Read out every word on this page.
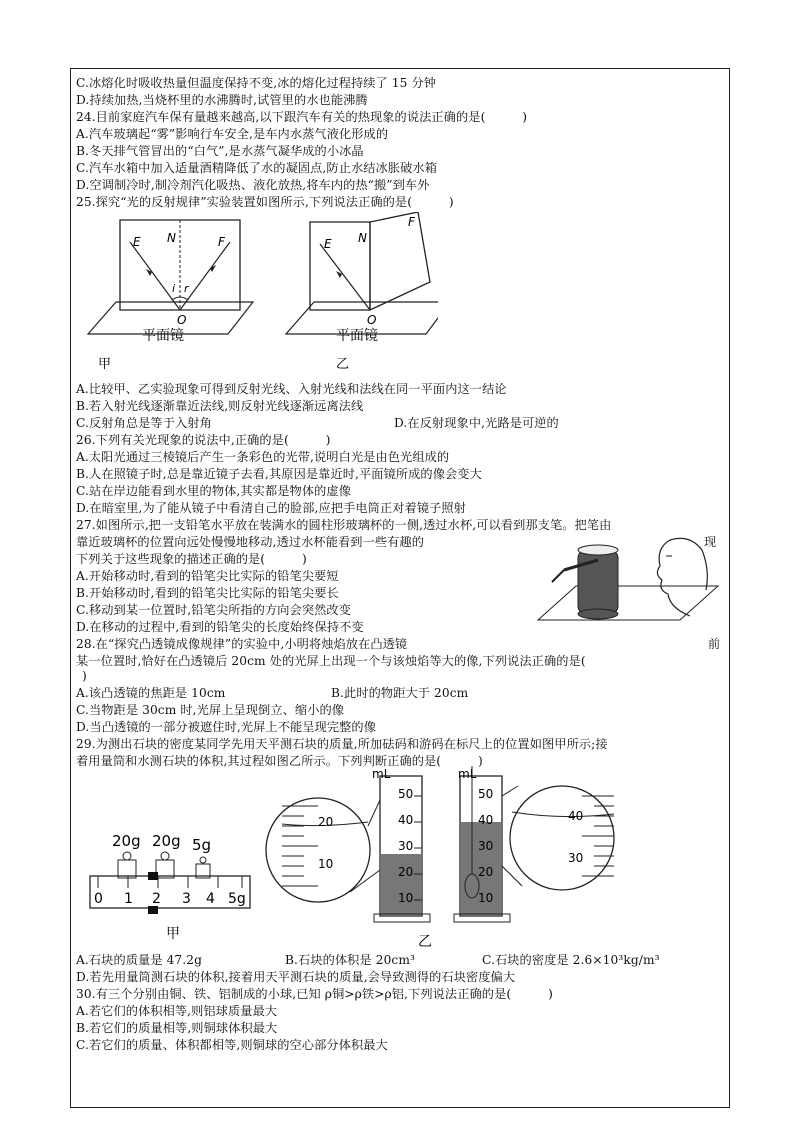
C.冰熔化时吸收热量但温度保持不变,冰的熔化过程持续了 15 分钟
D.持续加热,当烧杯里的水沸腾时,试管里的水也能沸腾
24.目前家庭汽车保有量越来越高,以下跟汽车有关的热现象的说法正确的是(　　　)
A.汽车玻璃起“雾”影响行车安全,是车内水蒸气液化形成的
B.冬天排气管冒出的“白气”,是水蒸气凝华成的小冰晶
C.汽车水箱中加入适量酒精降低了水的凝固点,防止水结冰胀破水箱
D.空调制冷时,制冷剂汽化吸热、液化放热,将车内的热“搬”到车外
25.探究“光的反射规律”实验装置如图所示,下列说法正确的是(　　　)
E N	F
i r
O
平面镜
甲
E N
F
O
平面镜
乙
A.比较甲、乙实验现象可得到反射光线、入射光线和法线在同一平面内这一结论
B.若入射光线逐渐靠近法线,则反射光线逐渐远离法线
C.反射角总是等于入射角	D.在反射现象中,光路是可逆的
26.下列有关光现象的说法中,正确的是(　　　)
A.太阳光通过三棱镜后产生一条彩色的光带,说明白光是由色光组成的
B.人在照镜子时,总是靠近镜子去看,其原因是靠近时,平面镜所成的像会变大
C.站在岸边能看到水里的物体,其实都是物体的虚像
D.在暗室里,为了能从镜子中看清自己的脸部,应把手电筒正对着镜子照射
27.如图所示,把一支铅笔水平放在装满水的圆柱形玻璃杯的一侧,透过水杯,可以看到那支笔。把笔由
靠近玻璃杯的位置向远处慢慢地移动,透过水杯能看到一些有趣的	现
下列关于这些现象的描述正确的是(　　　)
A.开始移动时,看到的铅笔尖比实际的铅笔尖要短
B.开始移动时,看到的铅笔尖比实际的铅笔尖要长
C.移动到某一位置时,铅笔尖所指的方向会突然改变
D.在移动的过程中,看到的铅笔尖的长度始终保持不变
28.在“探究凸透镜成像规律”的实验中,小明将烛焰放在凸透镜	前
某一位置时,恰好在凸透镜后 20cm 处的光屏上出现一个与该烛焰等大的像,下列说法正确的是(
)
A.该凸透镜的焦距是 10cm	B.此时的物距大于 20cm
C.当物距是 30cm 时,光屏上呈现倒立、缩小的像
D.当凸透镜的一部分被遮住时,光屏上不能呈现完整的像
29.为测出石块的密度某同学先用天平测石块的质量,所加砝码和游码在标尺上的位置如图甲所示;接
着用量筒和水测石块的体积,其过程如图乙所示。下列判断正确的是(　　　)
20g 20g 5g
0 1 2 3 4 5g
甲
20
10
mL
50
40
30
20
10
mL
50
40
30
20
10
乙
40
30
A.石块的质量是 47.2g	B.石块的体积是 20cm³	C.石块的密度是 2.6×10³kg/m³
D.若先用量筒测石块的体积,接着用天平测石块的质量,会导致测得的石块密度偏大
30.有三个分别由铜、铁、铝制成的小球,已知 ρ铜>ρ铁>ρ铝,下列说法正确的是(　　　)
A.若它们的体积相等,则铝球质量最大
B.若它们的质量相等,则铜球体积最大
C.若它们的质量、体积都相等,则铜球的空心部分体积最大
